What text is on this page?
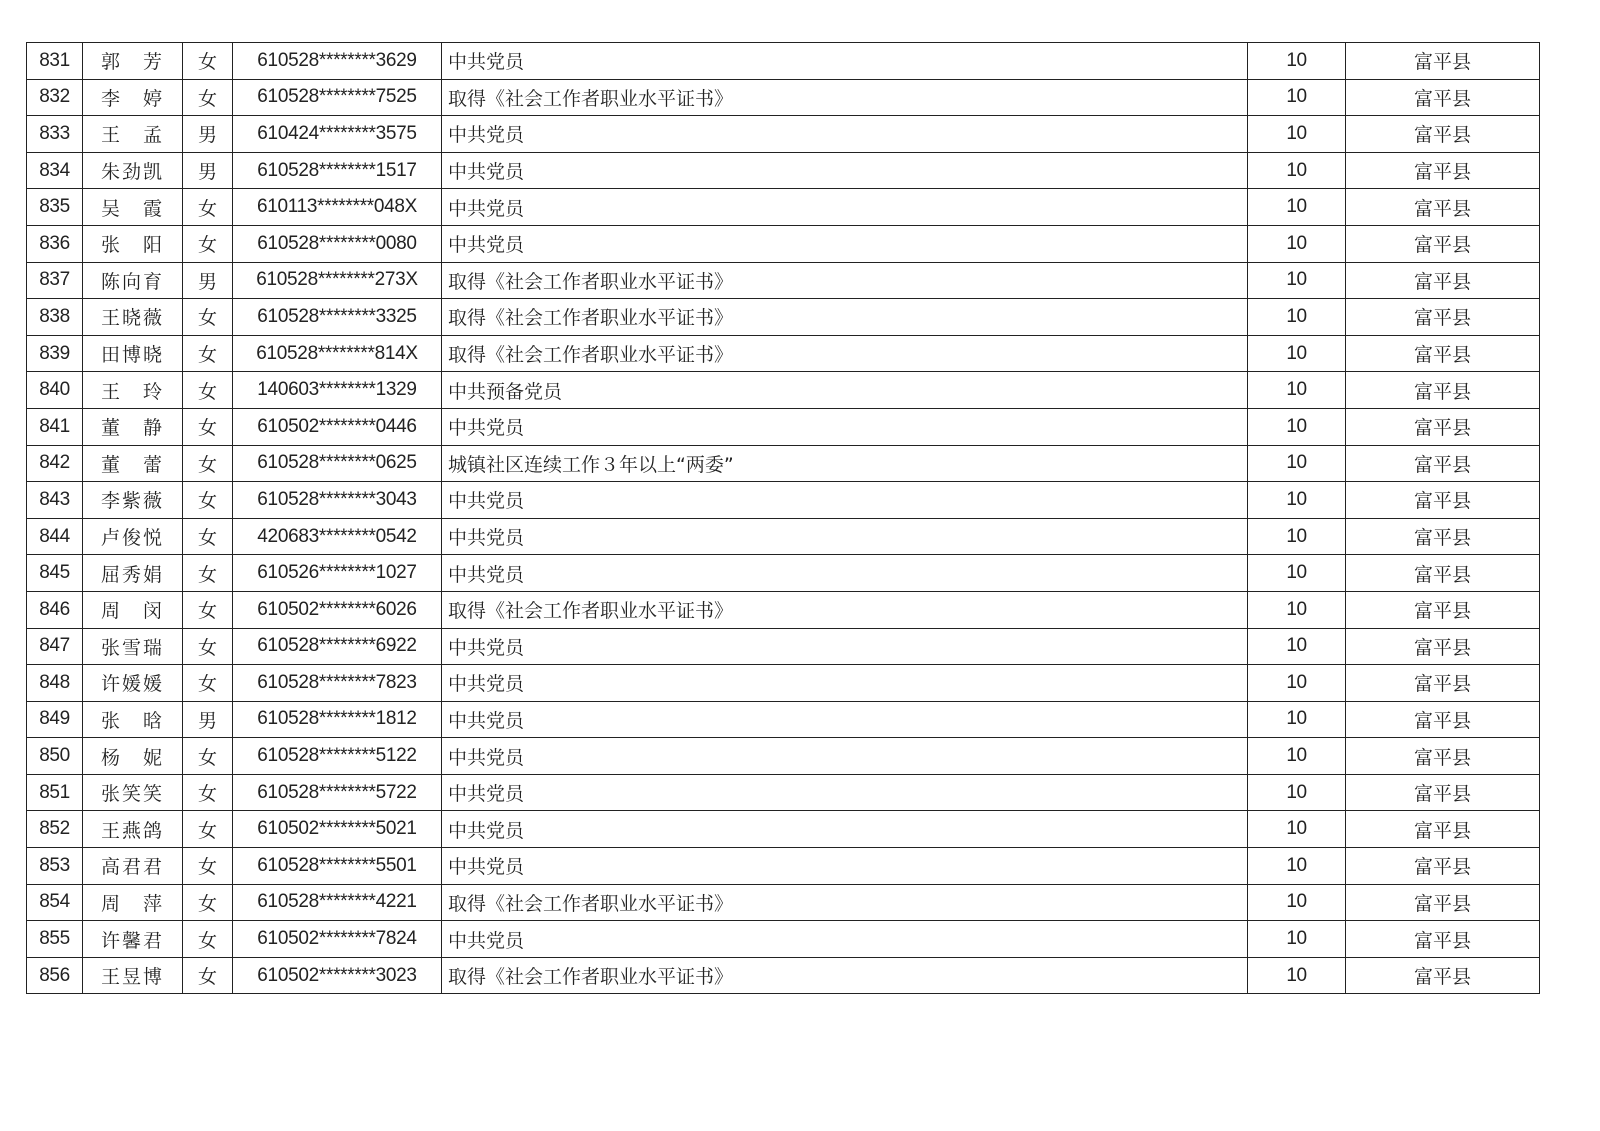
831	郭　芳	女	610528********3629	中共党员	10	富平县
832	李　婷	女	610528********7525	取得《社会工作者职业水平证书》	10	富平县
833	王　孟	男	610424********3575	中共党员	10	富平县
834	朱劲凯	男	610528********1517	中共党员	10	富平县
835	吴　霞	女	610113********048X	中共党员	10	富平县
836	张　阳	女	610528********0080	中共党员	10	富平县
837	陈向育	男	610528********273X	取得《社会工作者职业水平证书》	10	富平县
838	王晓薇	女	610528********3325	取得《社会工作者职业水平证书》	10	富平县
839	田博晓	女	610528********814X	取得《社会工作者职业水平证书》	10	富平县
840	王　玲	女	140603********1329	中共预备党员	10	富平县
841	董　静	女	610502********0446	中共党员	10	富平县
842	董　蕾	女	610528********0625	城镇社区连续工作３年以上“两委”	10	富平县
843	李紫薇	女	610528********3043	中共党员	10	富平县
844	卢俊悦	女	420683********0542	中共党员	10	富平县
845	屈秀娟	女	610526********1027	中共党员	10	富平县
846	周　闵	女	610502********6026	取得《社会工作者职业水平证书》	10	富平县
847	张雪瑞	女	610528********6922	中共党员	10	富平县
848	许媛媛	女	610528********7823	中共党员	10	富平县
849	张　晗	男	610528********1812	中共党员	10	富平县
850	杨　妮	女	610528********5122	中共党员	10	富平县
851	张笑笑	女	610528********5722	中共党员	10	富平县
852	王燕鸽	女	610502********5021	中共党员	10	富平县
853	高君君	女	610528********5501	中共党员	10	富平县
854	周　萍	女	610528********4221	取得《社会工作者职业水平证书》	10	富平县
855	许馨君	女	610502********7824	中共党员	10	富平县
856	王昱博	女	610502********3023	取得《社会工作者职业水平证书》	10	富平县
